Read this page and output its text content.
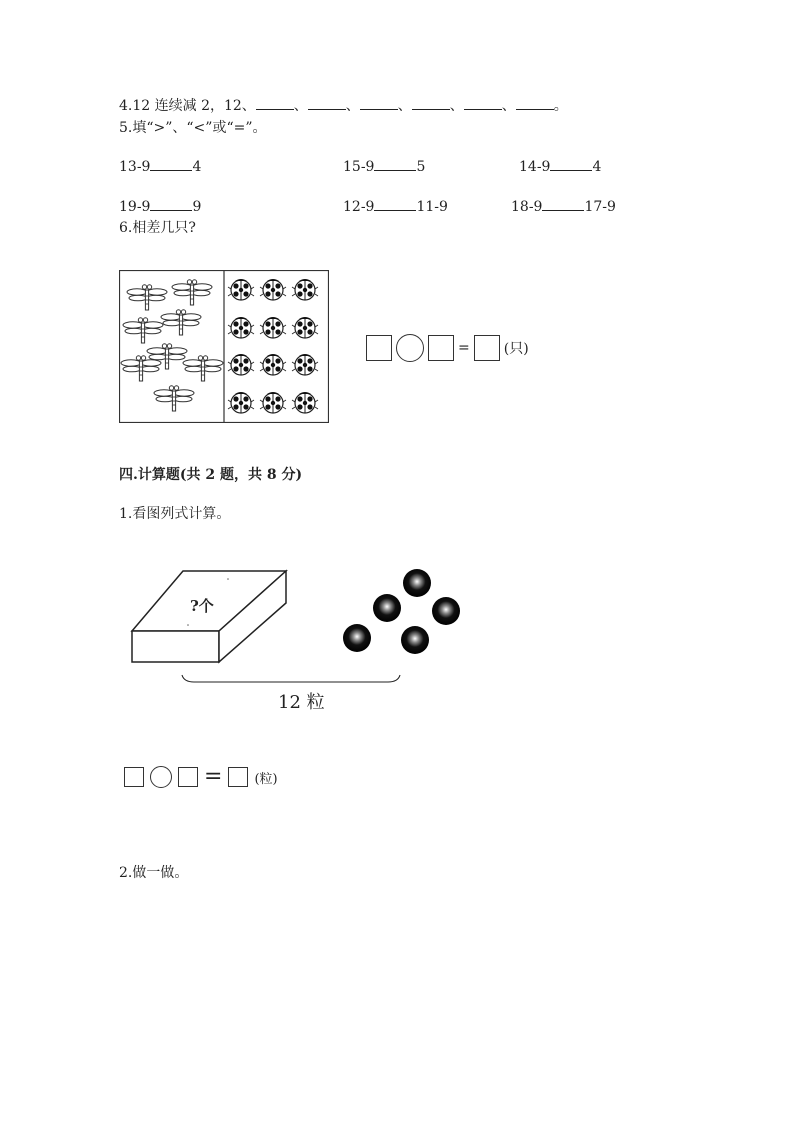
4.12 连续减 2，12、	、	、	、	、	、	。
5.填“>”、“<”或“=”。
13-9	4	15-9	5	14-9	4
19-9	9	12-9	11-9	18-9	17-9
6.相差几只?
= (只)
四.计算题(共 2 题，共 8 分)
1.看图列式计算。
?个
12 粒
= (粒)
2.做一做。
